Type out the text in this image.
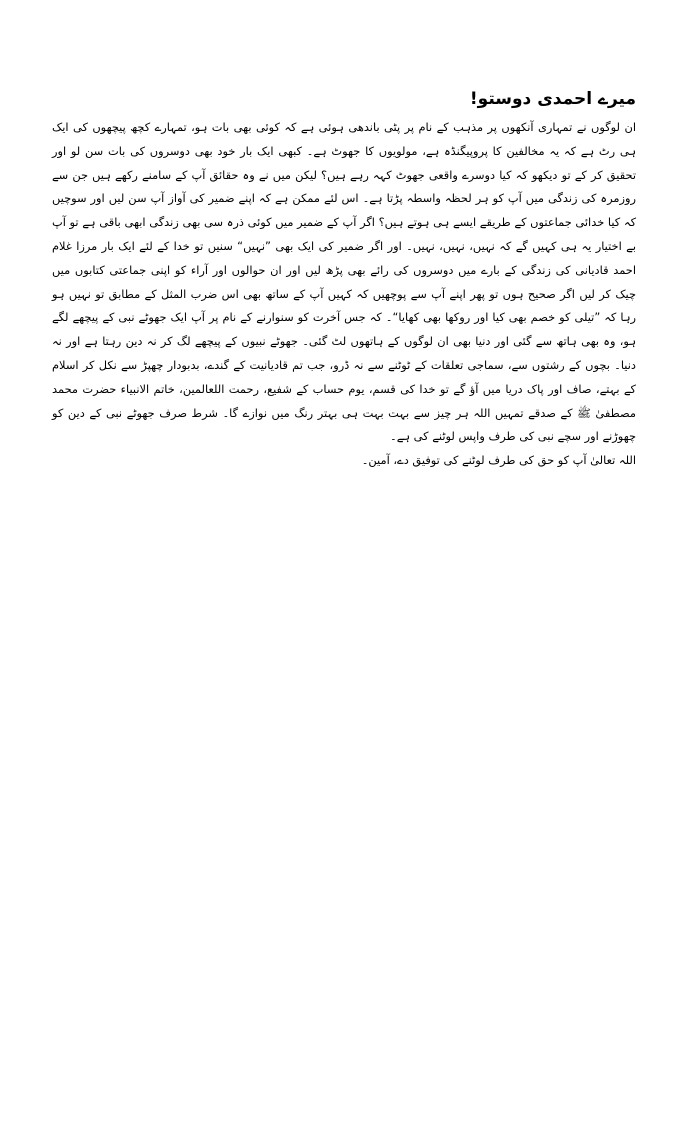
میرے احمدی دوستو!

ان لوگوں نے تمہاری آنکھوں پر مذہب کے نام پر پٹی باندھی ہوئی ہے کہ کوئی بھی بات ہو، تمہارے کچھ پیچھوں کی ایک ہی رٹ ہے کہ یہ مخالفین کا پروپیگنڈہ ہے، مولویوں کا جھوٹ ہے۔ کبھی ایک بار خود بھی دوسروں کی بات سن لو اور تحقیق کر کے تو دیکھو کہ کیا دوسرے واقعی جھوٹ کہہ رہے ہیں؟ لیکن میں نے وہ حقائق آپ کے سامنے رکھے ہیں جن سے روزمرہ کی زندگی میں آپ کو ہر لحظہ واسطہ پڑتا ہے۔ اس لئے ممکن ہے کہ اپنے ضمیر کی آواز آپ سن لیں اور سوچیں کہ کیا خدائی جماعتوں کے طریقے ایسے ہی ہوتے ہیں؟ اگر آپ کے ضمیر میں کوئی ذرہ سی بھی زندگی ابھی باقی ہے تو آپ بے اختیار یہ ہی کہیں گے کہ نہیں، نہیں، نہیں۔ اور اگر ضمیر کی ایک بھی ”نہیں“ سنیں تو خدا کے لئے ایک بار مرزا غلام احمد قادیانی کی زندگی کے بارے میں دوسروں کی رائے بھی پڑھ لیں اور ان حوالوں اور آراء کو اپنی جماعتی کتابوں میں چیک کر لیں اگر صحیح ہوں تو پھر اپنے آپ سے پوچھیں کہ کہیں آپ کے ساتھ بھی اس ضرب المثل کے مطابق تو نہیں ہو رہا کہ ”تیلی کو خصم بھی کیا اور روکھا بھی کھایا“۔ کہ جس آخرت کو سنوارنے کے نام پر آپ ایک جھوٹے نبی کے پیچھے لگے ہو، وہ بھی ہاتھ سے گئی اور دنیا بھی ان لوگوں کے ہاتھوں لٹ گئی۔ جھوٹے نبیوں کے پیچھے لگ کر نہ دین رہتا ہے اور نہ دنیا۔ بچوں کے رشتوں سے، سماجی تعلقات کے ٹوٹنے سے نہ ڈرو، جب تم قادیانیت کے گندے، بدبودار چھپڑ سے نکل کر اسلام کے بہتے، صاف اور پاک دریا میں آؤ گے تو خدا کی قسم، یوم حساب کے شفیع، رحمت اللعالمین، خاتم الانبیاء حضرت محمد مصطفیٰ ﷺ کے صدقے تمہیں اللہ ہر چیز سے بہت بہت ہی بہتر رنگ میں نوازے گا۔ شرط صرف جھوٹے نبی کے دین کو چھوڑنے اور سچے نبی کی طرف واپس لوٹنے کی ہے۔

اللہ تعالیٰ آپ کو حق کی طرف لوٹنے کی توفیق دے، آمین۔
